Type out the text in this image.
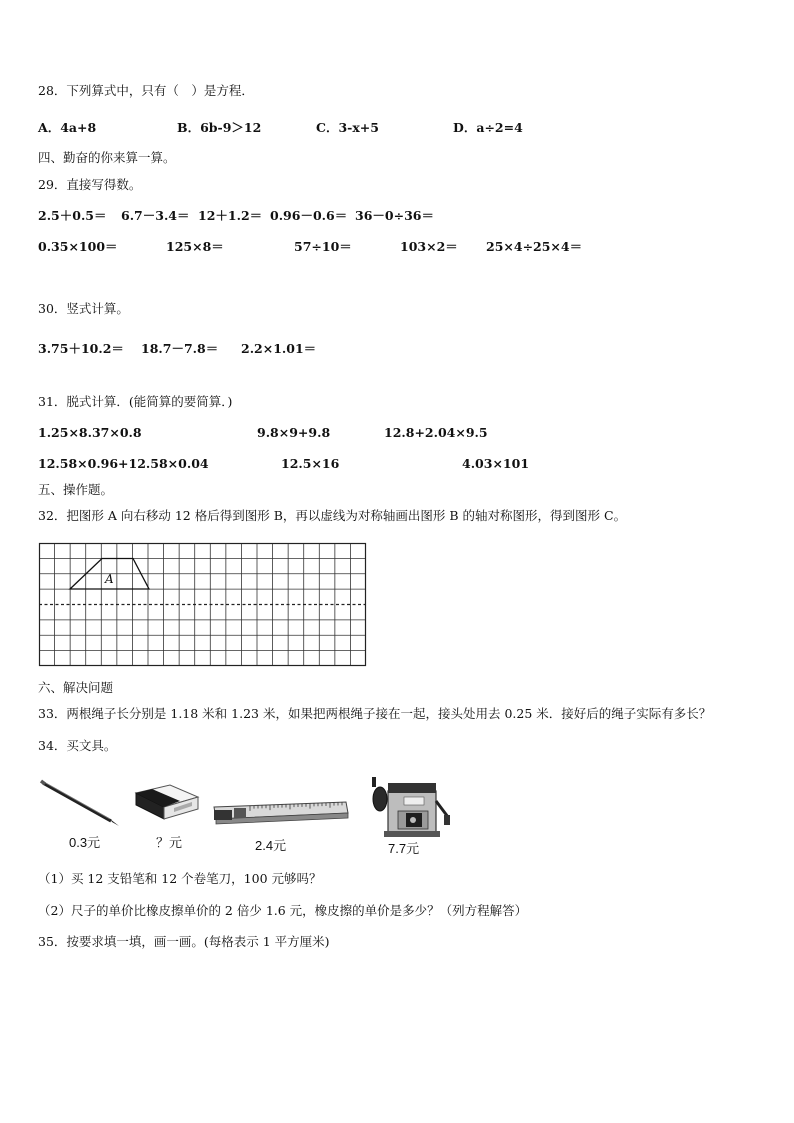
28．下列算式中，只有（　）是方程．
A．4a+8	B．6b-9＞12	C．3-x+5	D．a÷2=4
四、勤奋的你来算一算。
29．直接写得数。
2.5＋0.5＝ 6.7－3.4＝ 12＋1.2＝ 0.96－0.6＝ 36－0÷36＝
0.35×100＝	125×8＝	57÷10＝	103×2＝ 25×4÷25×4＝
30．竖式计算。
3.75＋10.2＝ 18.7－7.8＝ 2.2×1.01＝
31．脱式计算．(能简算的要简算．)
1.25×8.37×0.8	9.8×9+9.8	12.8+2.04×9.5
12.58×0.96+12.58×0.04	12.5×16	4.03×101
五、操作题。
32．把图形 A 向右移动 12 格后得到图形 B，再以虚线为对称轴画出图形 B 的轴对称图形，得到图形 C。
A
六、解决问题
33．两根绳子长分别是 1.18 米和 1.23 米，如果把两根绳子接在一起，接头处用去 0.25 米．接好后的绳子实际有多长？
34．买文具。
0.3元	？元	2.4元	7.7元
（1）买 12 支铅笔和 12 个卷笔刀，100 元够吗？
（2）尺子的单价比橡皮擦单价的 2 倍少 1.6 元，橡皮擦的单价是多少？（列方程解答）
35．按要求填一填，画一画。(每格表示 1 平方厘米)
